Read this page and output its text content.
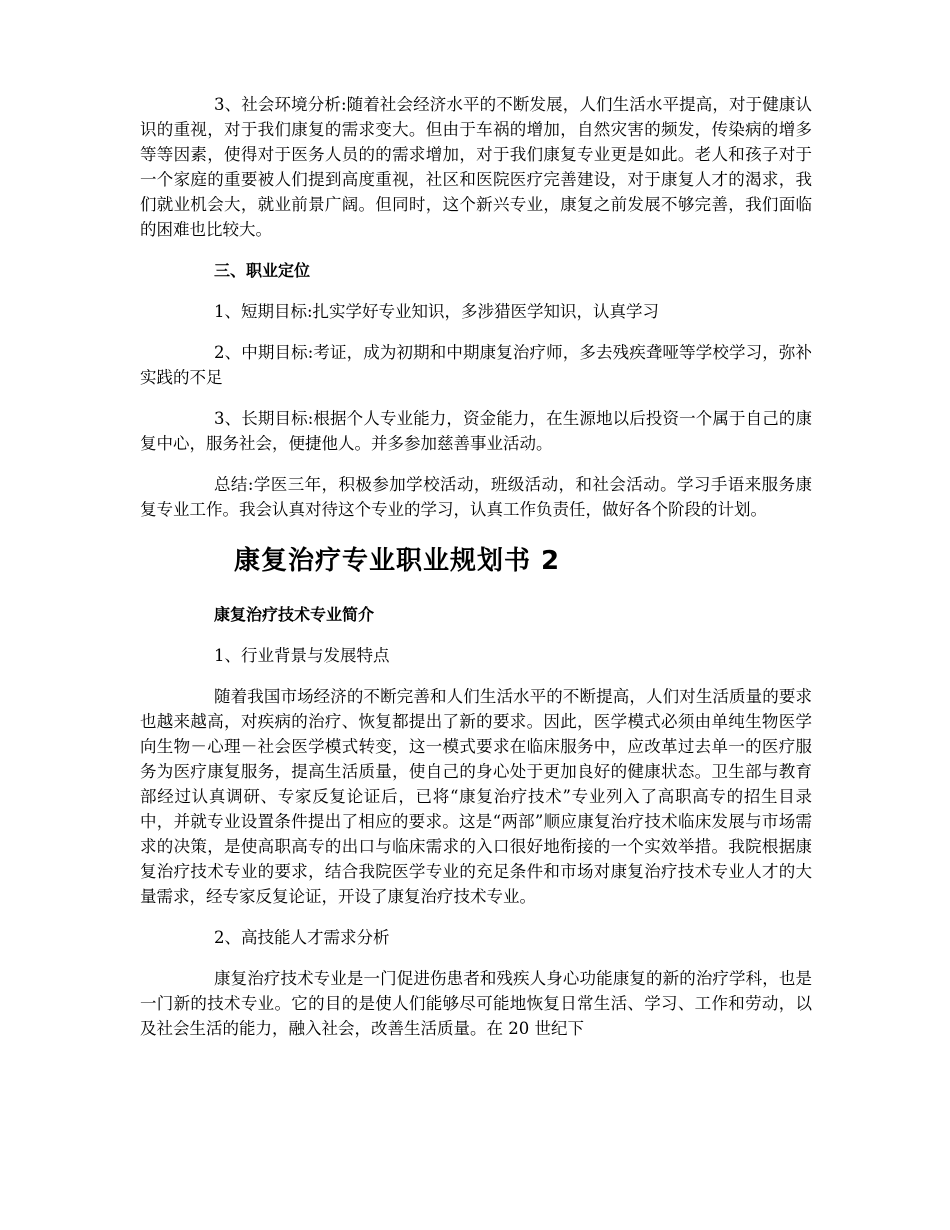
3、社会环境分析:随着社会经济水平的不断发展，人们生活水平提高，对于健康认识的重视，对于我们康复的需求变大。但由于车祸的增加，自然灾害的频发，传染病的增多等等因素，使得对于医务人员的的需求增加，对于我们康复专业更是如此。老人和孩子对于一个家庭的重要被人们提到高度重视，社区和医院医疗完善建设，对于康复人才的渴求，我们就业机会大，就业前景广阔。但同时，这个新兴专业，康复之前发展不够完善，我们面临的困难也比较大。

三、职业定位

1、短期目标:扎实学好专业知识，多涉猎医学知识，认真学习

2、中期目标:考证，成为初期和中期康复治疗师，多去残疾聋哑等学校学习，弥补实践的不足

3、长期目标:根据个人专业能力，资金能力，在生源地以后投资一个属于自己的康复中心，服务社会，便捷他人。并多参加慈善事业活动。

总结:学医三年，积极参加学校活动，班级活动，和社会活动。学习手语来服务康复专业工作。我会认真对待这个专业的学习，认真工作负责任，做好各个阶段的计划。

康复治疗专业职业规划书 2

康复治疗技术专业简介

1、行业背景与发展特点

随着我国市场经济的不断完善和人们生活水平的不断提高，人们对生活质量的要求也越来越高，对疾病的治疗、恢复都提出了新的要求。因此，医学模式必须由单纯生物医学向生物－心理－社会医学模式转变，这一模式要求在临床服务中，应改革过去单一的医疗服务为医疗康复服务，提高生活质量，使自己的身心处于更加良好的健康状态。卫生部与教育部经过认真调研、专家反复论证后，已将“康复治疗技术”专业列入了高职高专的招生目录中，并就专业设置条件提出了相应的要求。这是“两部”顺应康复治疗技术临床发展与市场需求的决策，是使高职高专的出口与临床需求的入口很好地衔接的一个实效举措。我院根据康复治疗技术专业的要求，结合我院医学专业的充足条件和市场对康复治疗技术专业人才的大量需求，经专家反复论证，开设了康复治疗技术专业。

2、高技能人才需求分析

康复治疗技术专业是一门促进伤患者和残疾人身心功能康复的新的治疗学科，也是一门新的技术专业。它的目的是使人们能够尽可能地恢复日常生活、学习、工作和劳动，以及社会生活的能力，融入社会，改善生活质量。在 20 世纪下
